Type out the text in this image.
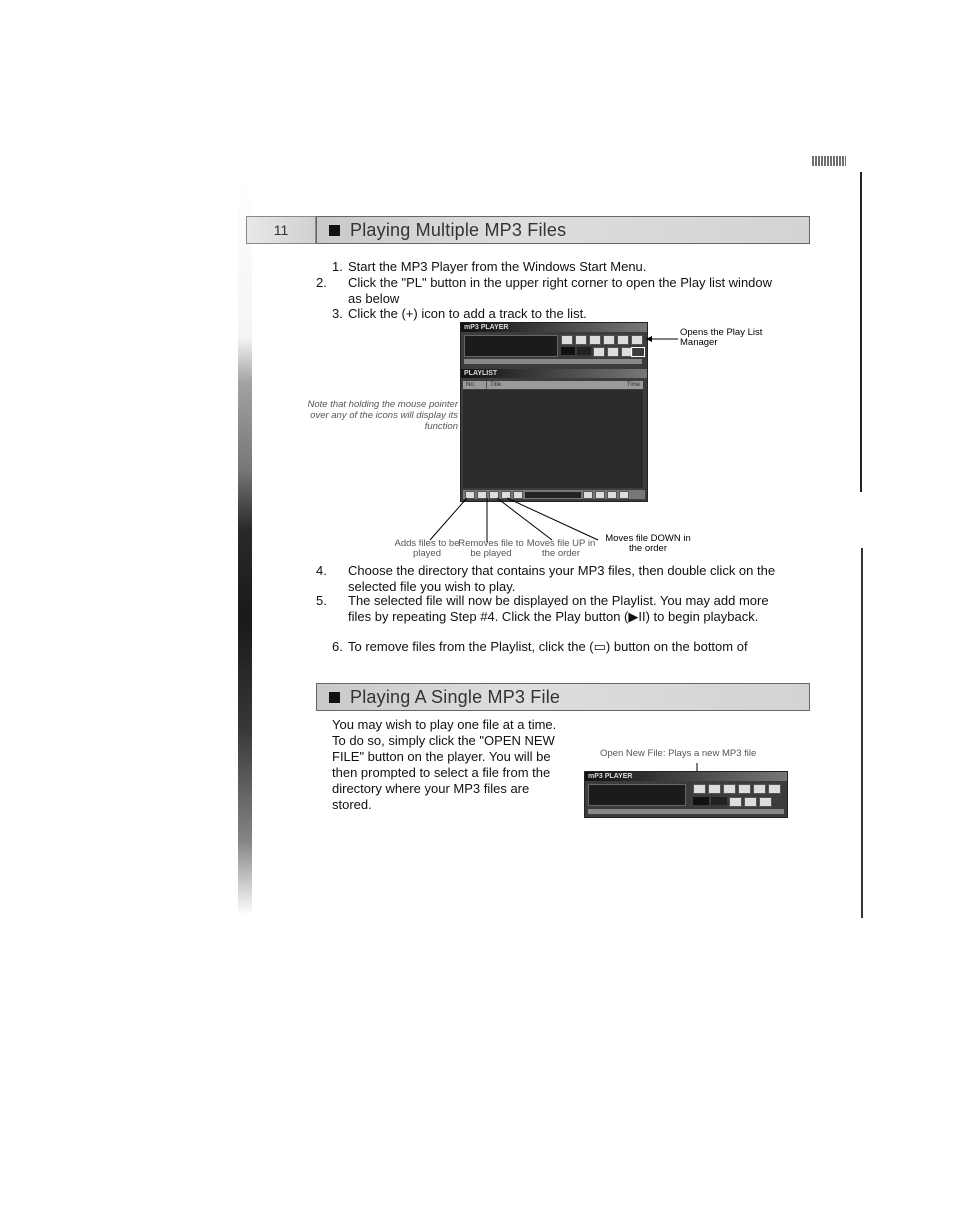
11	Playing Multiple MP3 Files
1. Start the MP3 Player from the Windows Start Menu.
2. Click the "PL" button in the upper right corner to open the Play list window as below
3. Click the (+) icon to add a track to the list.
mP3 PLAYER
PLAYLIST
No.	Title	Time
Opens the Play List Manager
Note that holding the mouse pointer over any of the icons will display its function
Adds files to be played
Removes file to be played
Moves file UP in the order
Moves file DOWN in the order
4. Choose the directory that contains your MP3 files, then double click on the selected file you wish to play.
5. The selected file will now be displayed on the Playlist. You may add more files by repeating Step #4. Click the Play button (▶II) to begin playback.
6. To remove files from the Playlist, click the (▭) button on the bottom of
Playing A Single MP3 File
You may wish to play one file at a time. To do so, simply click the "OPEN NEW FILE" button on the player. You will be then prompted to select a file from the directory where your MP3 files are stored.
Open New File: Plays a new MP3 file
mP3 PLAYER
